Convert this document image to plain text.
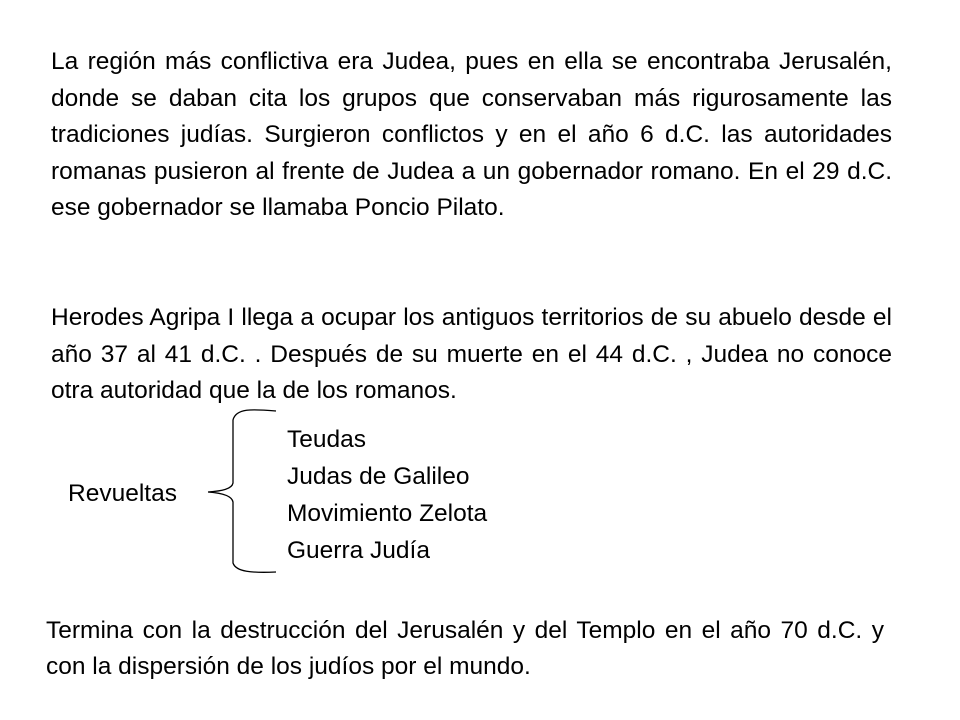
La región más conflictiva era Judea, pues en ella se encontraba Jerusalén, donde se daban cita los grupos que conservaban más rigurosamente las tradiciones judías. Surgieron conflictos y en el año 6 d.C. las autoridades romanas pusieron al frente de Judea a un gobernador romano. En el 29 d.C. ese gobernador se llamaba Poncio Pilato.

Herodes Agripa I llega a ocupar los antiguos territorios de su abuelo desde el año 37 al 41 d.C. . Después de su muerte en el 44 d.C. , Judea no conoce otra autoridad que la de los romanos.

Revueltas
Teudas
Judas de Galileo
Movimiento Zelota
Guerra Judía

Termina con la destrucción del Jerusalén y del Templo en el año 70 d.C. y con la dispersión de los judíos por el mundo.
